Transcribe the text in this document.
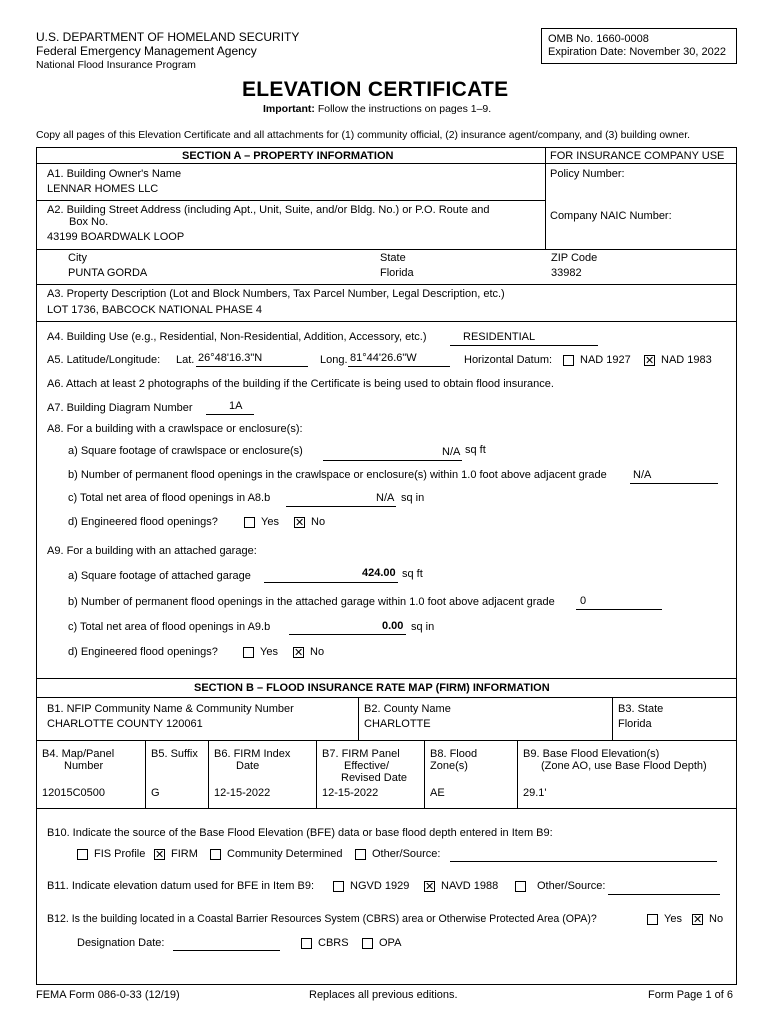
U.S. DEPARTMENT OF HOMELAND SECURITY
Federal Emergency Management Agency
National Flood Insurance Program
OMB No. 1660-0008
Expiration Date: November 30, 2022
ELEVATION CERTIFICATE
Important: Follow the instructions on pages 1–9.
Copy all pages of this Elevation Certificate and all attachments for (1) community official, (2) insurance agent/company, and (3) building owner.
SECTION A – PROPERTY INFORMATION	FOR INSURANCE COMPANY USE
A1. Building Owner's Name
LENNAR HOMES LLC
Policy Number:
A2. Building Street Address (including Apt., Unit, Suite, and/or Bldg. No.) or P.O. Route and
Box No.
43199 BOARDWALK LOOP
Company NAIC Number:
City
PUNTA GORDA
State
Florida
ZIP Code
33982
A3. Property Description (Lot and Block Numbers, Tax Parcel Number, Legal Description, etc.)
LOT 1736, BABCOCK NATIONAL PHASE 4
A4. Building Use (e.g., Residential, Non-Residential, Addition, Accessory, etc.)	RESIDENTIAL
A5. Latitude/Longitude: Lat. 26°48'16.3"N	Long. 81°44'26.6"W	Horizontal Datum:	NAD 1927 ✕ NAD 1983
A6. Attach at least 2 photographs of the building if the Certificate is being used to obtain flood insurance.
A7. Building Diagram Number	1A
A8. For a building with a crawlspace or enclosure(s):
a) Square footage of crawlspace or enclosure(s)	N/A sq ft
b) Number of permanent flood openings in the crawlspace or enclosure(s) within 1.0 foot above adjacent grade N/A
c) Total net area of flood openings in A8.b	N/A sq in
d) Engineered flood openings?	Yes ✕ No
A9. For a building with an attached garage:
a) Square footage of attached garage	424.00 sq ft
b) Number of permanent flood openings in the attached garage within 1.0 foot above adjacent grade 0
c) Total net area of flood openings in A9.b	0.00 sq in
d) Engineered flood openings?	Yes ✕ No
SECTION B – FLOOD INSURANCE RATE MAP (FIRM) INFORMATION
B1. NFIP Community Name & Community Number
CHARLOTTE COUNTY 120061
B2. County Name
CHARLOTTE
B3. State
Florida
B4. Map/Panel
Number
12015C0500
B5. Suffix
G
B6. FIRM Index
Date
12-15-2022
B7. FIRM Panel
Effective/
Revised Date
12-15-2022
B8. Flood
Zone(s)
AE
B9. Base Flood Elevation(s)
(Zone AO, use Base Flood Depth)
29.1'
B10. Indicate the source of the Base Flood Elevation (BFE) data or base flood depth entered in Item B9:
FIS Profile ✕ FIRM	Community Determined	Other/Source:
B11. Indicate elevation datum used for BFE in Item B9:	NGVD 1929 ✕ NAVD 1988	Other/Source:
B12. Is the building located in a Coastal Barrier Resources System (CBRS) area or Otherwise Protected Area (OPA)?	Yes ✕ No
Designation Date:	CBRS	OPA
FEMA Form 086-0-33 (12/19)	Replaces all previous editions.	Form Page 1 of 6
